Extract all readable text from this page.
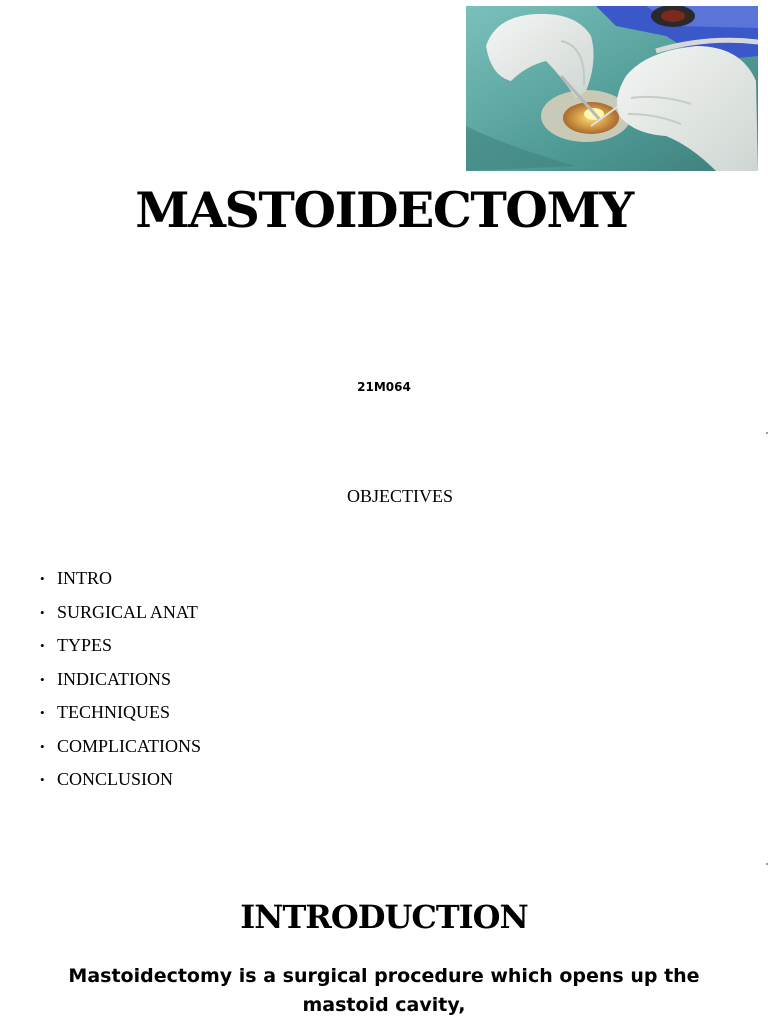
MASTOIDECTOMY
21M064
OBJECTIVES
• INTRO
• SURGICAL ANAT
• TYPES
• INDICATIONS
• TECHNIQUES
• COMPLICATIONS
• CONCLUSION
INTRODUCTION

Mastoidectomy is a surgical procedure which opens up the mastoid cavity,
